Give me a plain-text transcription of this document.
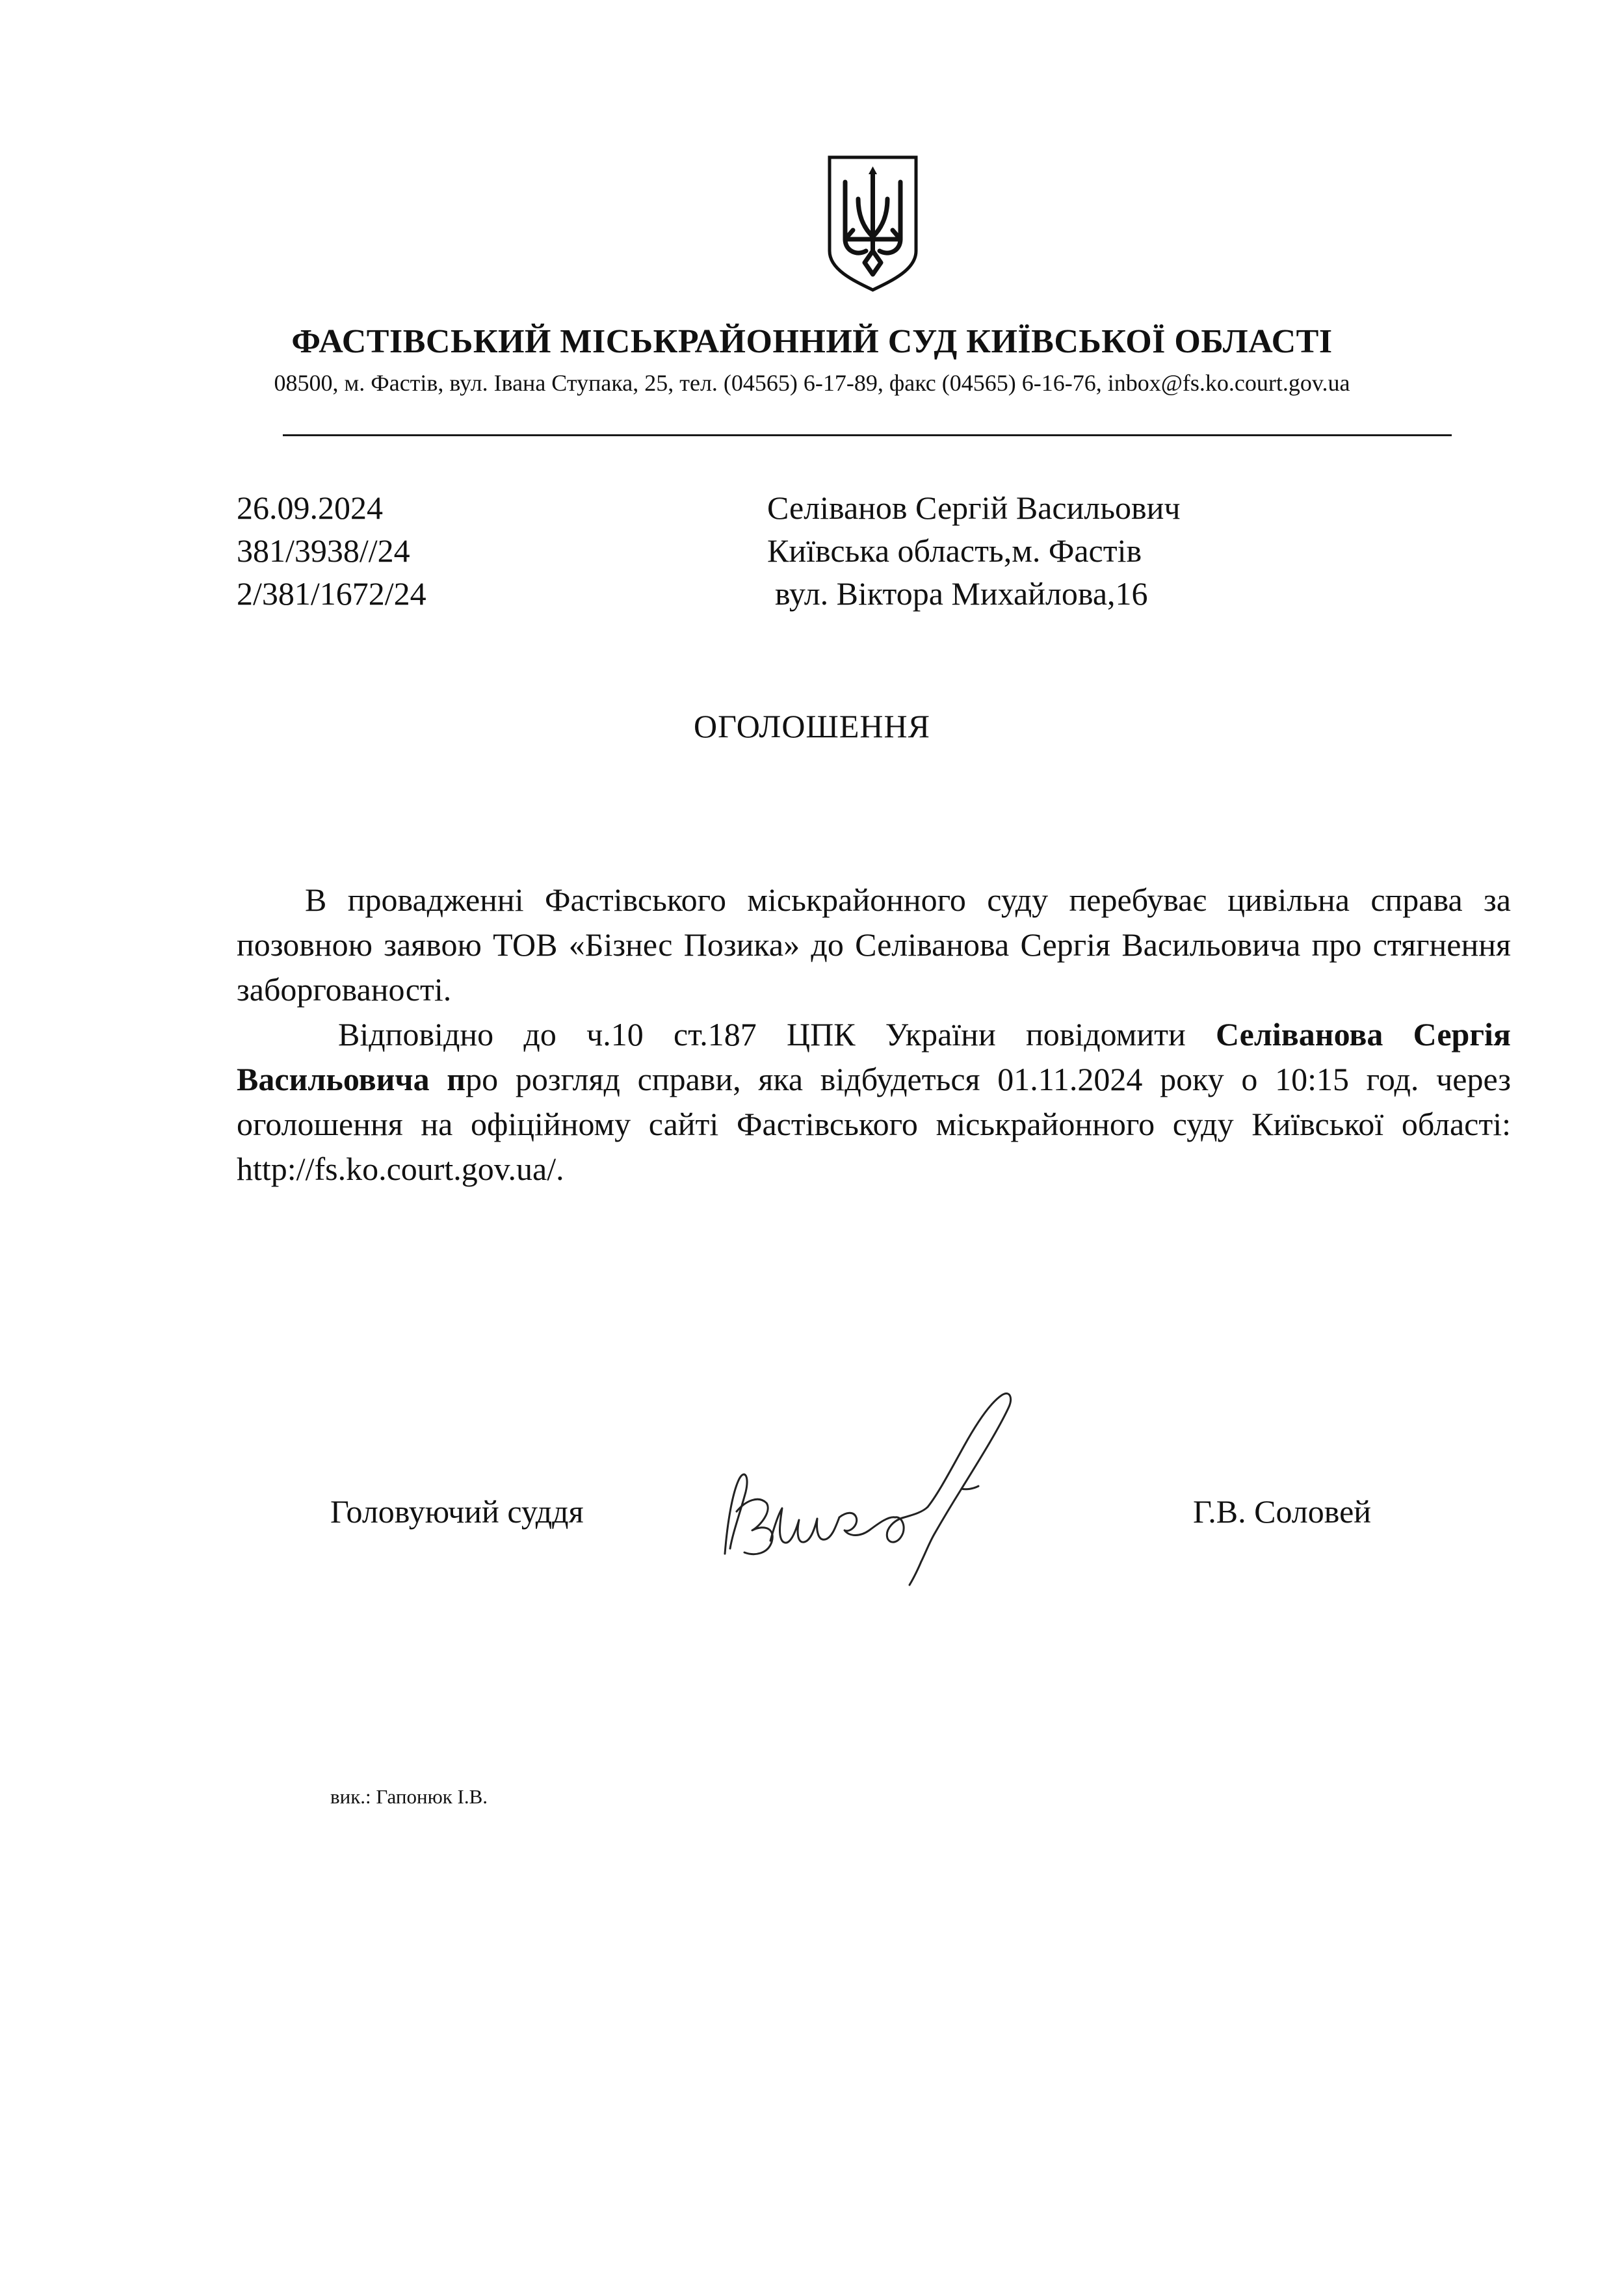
ФАСТІВСЬКИЙ МІСЬКРАЙОННИЙ СУД КИЇВСЬКОЇ ОБЛАСТІ
08500, м. Фастів, вул. Івана Ступака, 25, тел. (04565) 6-17-89, факс (04565) 6-16-76, inbox@fs.ko.court.gov.ua
26.09.2024
381/3938//24
2/381/1672/24
Селіванов Сергій Васильович
Київська область,м. Фастів
вул. Віктора Михайлова,16
ОГОЛОШЕННЯ
В провадженні Фастівського міськрайонного суду перебуває цивільна справа за позовною заявою ТОВ «Бізнес Позика» до Селіванова Сергія Васильовича про стягнення заборгованості.
Відповідно до ч.10 ст.187 ЦПК України повідомити Селіванова Сергія Васильовича про розгляд справи, яка відбудеться 01.11.2024 року о 10:15 год. через оголошення на офіційному сайті Фастівського міськрайонного суду Київської області: http://fs.ko.court.gov.ua/.
Головуючий суддя	Г.В. Соловей
вик.: Гапонюк І.В.
